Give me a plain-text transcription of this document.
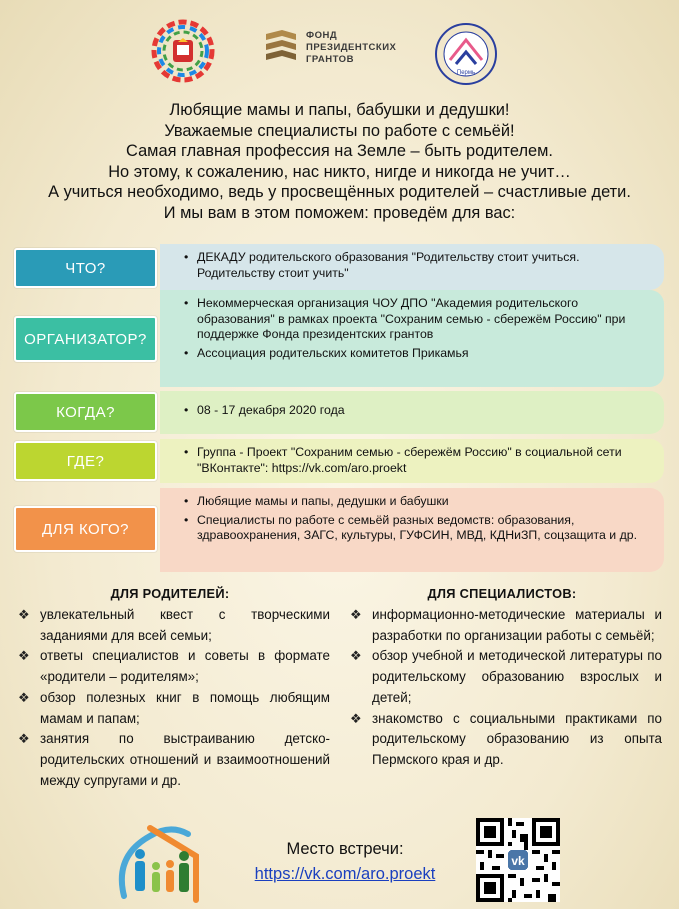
ФОНД
ПРЕЗИДЕНТСКИХ
ГРАНТОВ
Пермь
Любящие мамы и папы, бабушки и дедушки!
Уважаемые специалисты по работе с семьёй!
Самая главная профессия на Земле – быть родителем.
Но этому, к сожалению, нас никто, нигде и никогда не учит…
А учиться необходимо, ведь у просвещённых родителей – счастливые дети.
И мы вам в этом поможем: проведём для вас:
ЧТО?
• ДЕКАДУ родительского образования "Родительству стоит учиться. Родительству стоит учить"
ОРГАНИЗАТОР?
• Некоммерческая организация ЧОУ ДПО "Академия родительского образования" в рамках проекта "Сохраним семью - сбережём Россию" при поддержке Фонда президентских грантов
• Ассоциация родительских комитетов Прикамья
КОГДА?
•	08 - 17 декабря 2020 года
ГДЕ?
• Группа - Проект "Сохраним семью - сбережём Россию" в социальной сети "ВКонтакте": https://vk.com/aro.proekt
ДЛЯ КОГО?
• Любящие мамы и папы, дедушки и бабушки
• Специалисты по работе с семьёй разных ведомств: образования, здравоохранения, ЗАГС, культуры, ГУФСИН, МВД, КДНиЗП, соцзащита и др.
ДЛЯ РОДИТЕЛЕЙ:
❖ увлекательный квест с творческими заданиями для всей семьи;
❖ ответы специалистов и советы в формате «родители – родителям»;
❖ обзор полезных книг в помощь любящим мамам и папам;
❖ занятия по выстраиванию детско-родительских отношений и взаимоотношений между супругами и др.
ДЛЯ СПЕЦИАЛИСТОВ:
❖ информационно-методические материалы и разработки по организации работы с семьёй;
❖ обзор учебной и методической литературы по родительскому образованию взрослых и детей;
❖ знакомство с социальными практиками по родительскому образованию из опыта Пермского края и др.
Место встречи:
https://vk.com/aro.proekt
vk
